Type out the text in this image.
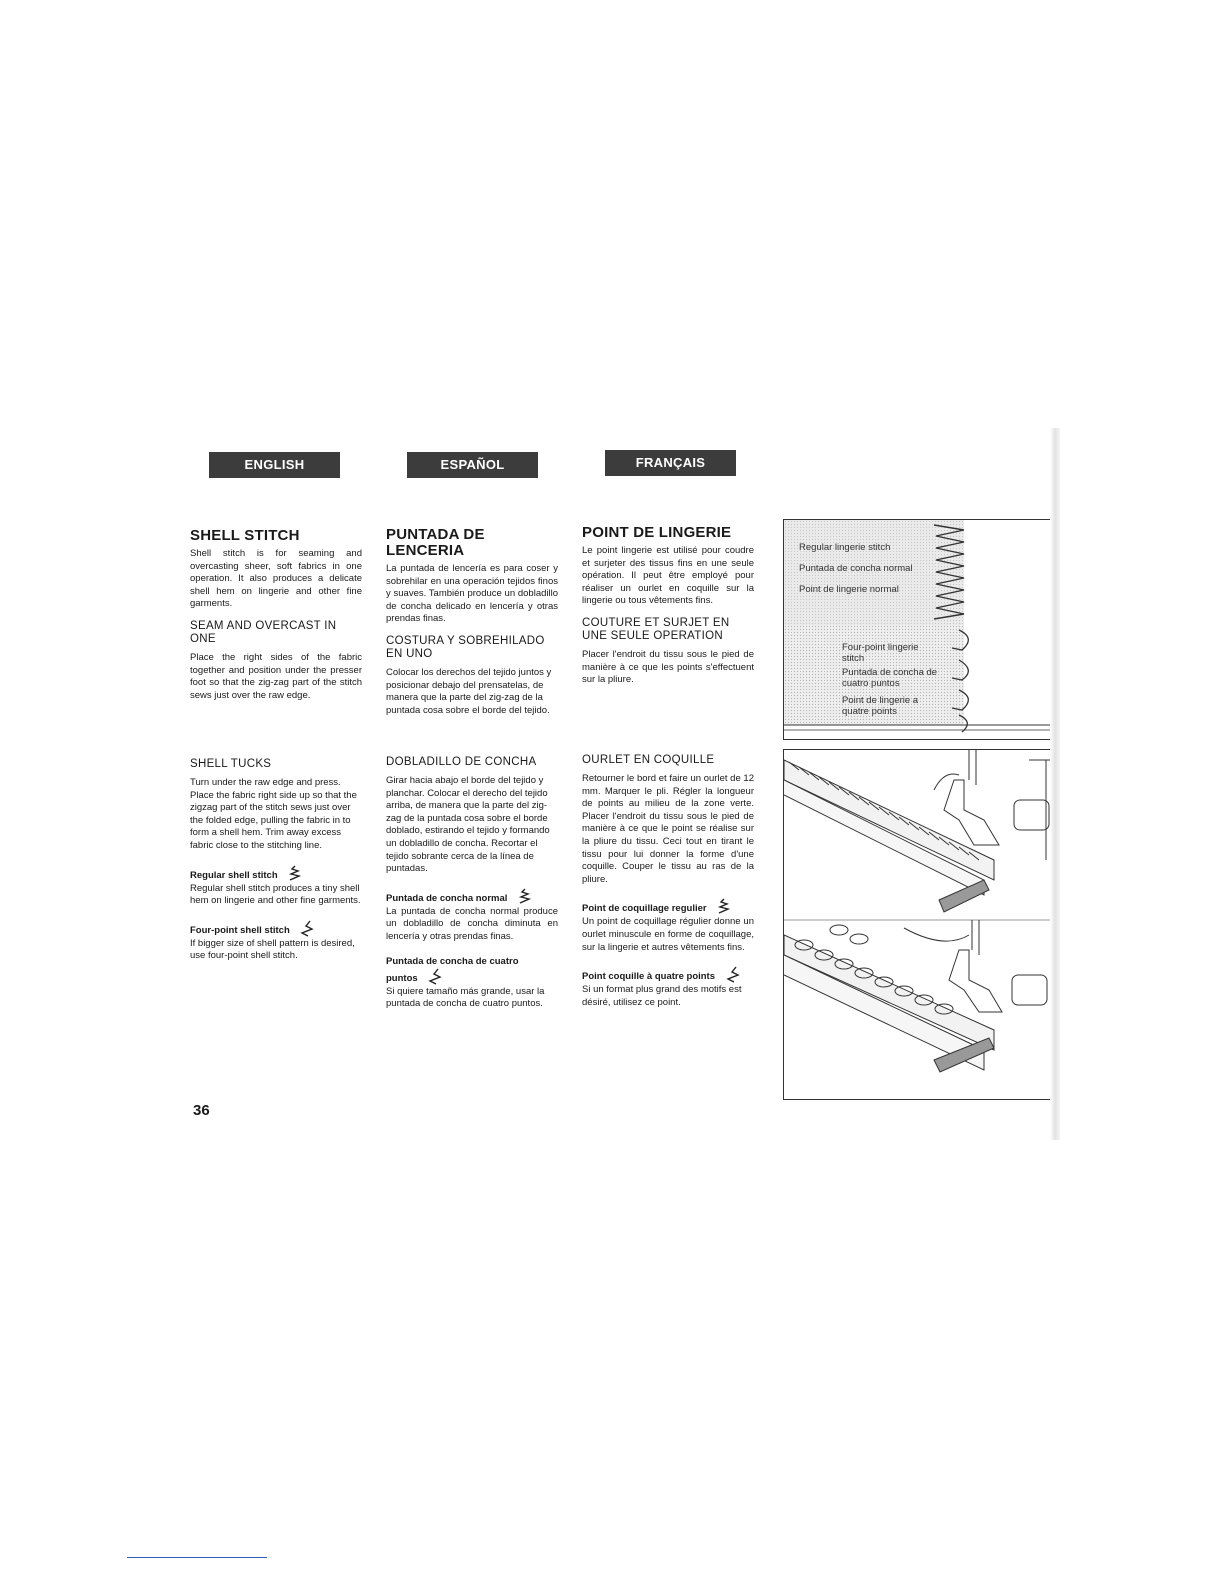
ENGLISH	ESPAÑOL	FRANÇAIS
SHELL STITCH

Shell stitch is for seaming and overcasting sheer, soft fabrics in one operation. It also produces a delicate shell hem on lingerie and other fine garments.

SEAM AND OVERCAST IN ONE

Place the right sides of the fabric together and position under the presser foot so that the zig-zag part of the stitch sews just over the raw edge.

SHELL TUCKS

Turn under the raw edge and press. Place the fabric right side up so that the zigzag part of the stitch sews just over the folded edge, pulling the fabric in to form a shell hem. Trim away excess fabric close to the stitching line.

Regular shell stitch

Regular shell stitch produces a tiny shell hem on lingerie and other fine garments.

Four-point shell stitch

If bigger size of shell pattern is desired, use four-point shell stitch.

PUNTADA DE LENCERIA

La puntada de lencería es para coser y sobrehilar en una operación tejidos finos y suaves. También produce un dobladillo de concha delicado en lencería y otras prendas finas.

COSTURA Y SOBREHILADO EN UNO

Colocar los derechos del tejido juntos y posicionar debajo del prensatelas, de manera que la parte del zig-zag de la puntada cosa sobre el borde del tejido.

DOBLADILLO DE CONCHA

Girar hacia abajo el borde del tejido y planchar. Colocar el derecho del tejido arriba, de manera que la parte del zig-zag de la puntada cosa sobre el borde doblado, estirando el tejido y formando un dobladillo de concha. Recortar el tejido sobrante cerca de la línea de puntadas.

Puntada de concha normal

La puntada de concha normal produce un dobladillo de concha diminuta en lencería y otras prendas finas.

Puntada de concha de cuatro puntos

Si quiere tamaño más grande, usar la puntada de concha de cuatro puntos.

POINT DE LINGERIE

Le point lingerie est utilisé pour coudre et surjeter des tissus fins en une seule opération. Il peut être employé pour réaliser un ourlet en coquille sur la lingerie ou tous vêtements fins.

COUTURE ET SURJET EN UNE SEULE OPERATION

Placer l'endroit du tissu sous le pied de manière à ce que les points s'effectuent sur la pliure.

OURLET EN COQUILLE

Retourner le bord et faire un ourlet de 12 mm. Marquer le pli. Régler la longueur de points au milieu de la zone verte. Placer l'endroit du tissu sous le pied de manière à ce que le point se réalise sur la pliure du tissu. Ceci tout en tirant le tissu pour lui donner la forme d'une coquille. Couper le tissu au ras de la pliure.

Point de coquillage regulier

Un point de coquillage régulier donne un ourlet minuscule en forme de coquillage, sur la lingerie et autres vêtements fins.

Point coquille à quatre points

Si un format plus grand des motifs est désiré, utilisez ce point.

Regular lingerie stitch
Puntada de concha normal
Point de lingerie normal
Four-point lingerie stitch
Puntada de concha de cuatro puntos
Point de lingerie a quatre points
36
